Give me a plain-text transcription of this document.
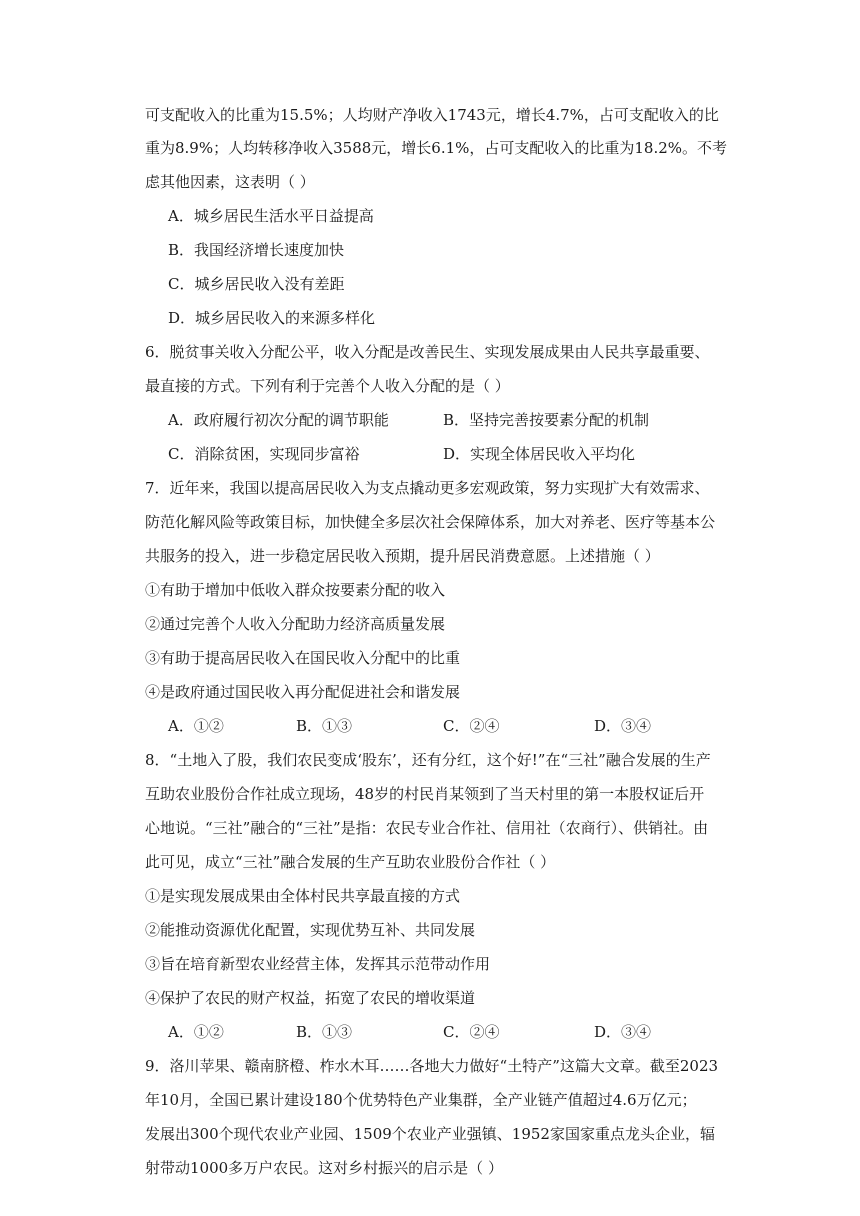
可支配收入的比重为15.5%；人均财产净收入1743元，增长4.7%，占可支配收入的比
重为8.9%；人均转移净收入3588元，增长6.1%，占可支配收入的比重为18.2%。不考
虑其他因素，这表明（ ）
A．城乡居民生活水平日益提高
B．我国经济增长速度加快
C．城乡居民收入没有差距
D．城乡居民收入的来源多样化
6．脱贫事关收入分配公平，收入分配是改善民生、实现发展成果由人民共享最重要、
最直接的方式。下列有利于完善个人收入分配的是（ ）
A．政府履行初次分配的调节职能	B．坚持完善按要素分配的机制
C．消除贫困，实现同步富裕	D．实现全体居民收入平均化
7．近年来，我国以提高居民收入为支点撬动更多宏观政策，努力实现扩大有效需求、
防范化解风险等政策目标，加快健全多层次社会保障体系，加大对养老、医疗等基本公
共服务的投入，进一步稳定居民收入预期，提升居民消费意愿。上述措施（ ）
①有助于增加中低收入群众按要素分配的收入
②通过完善个人收入分配助力经济高质量发展
③有助于提高居民收入在国民收入分配中的比重
④是政府通过国民收入再分配促进社会和谐发展
A．①②	B．①③	C．②④	D．③④
8．“土地入了股，我们农民变成‘股东’，还有分红，这个好!”在“三社”融合发展的生产
互助农业股份合作社成立现场，48岁的村民肖某领到了当天村里的第一本股权证后开
心地说。“三社”融合的“三社”是指：农民专业合作社、信用社（农商行）、供销社。由
此可见，成立“三社”融合发展的生产互助农业股份合作社（ ）
①是实现发展成果由全体村民共享最直接的方式
②能推动资源优化配置，实现优势互补、共同发展
③旨在培育新型农业经营主体，发挥其示范带动作用
④保护了农民的财产权益，拓宽了农民的增收渠道
A．①②	B．①③	C．②④	D．③④
9．洛川苹果、赣南脐橙、柞水木耳……各地大力做好“土特产”这篇大文章。截至2023
年10月，全国已累计建设180个优势特色产业集群，全产业链产值超过4.6万亿元；
发展出300个现代农业产业园、1509个农业产业强镇、1952家国家重点龙头企业，辐
射带动1000多万户农民。这对乡村振兴的启示是（ ）
